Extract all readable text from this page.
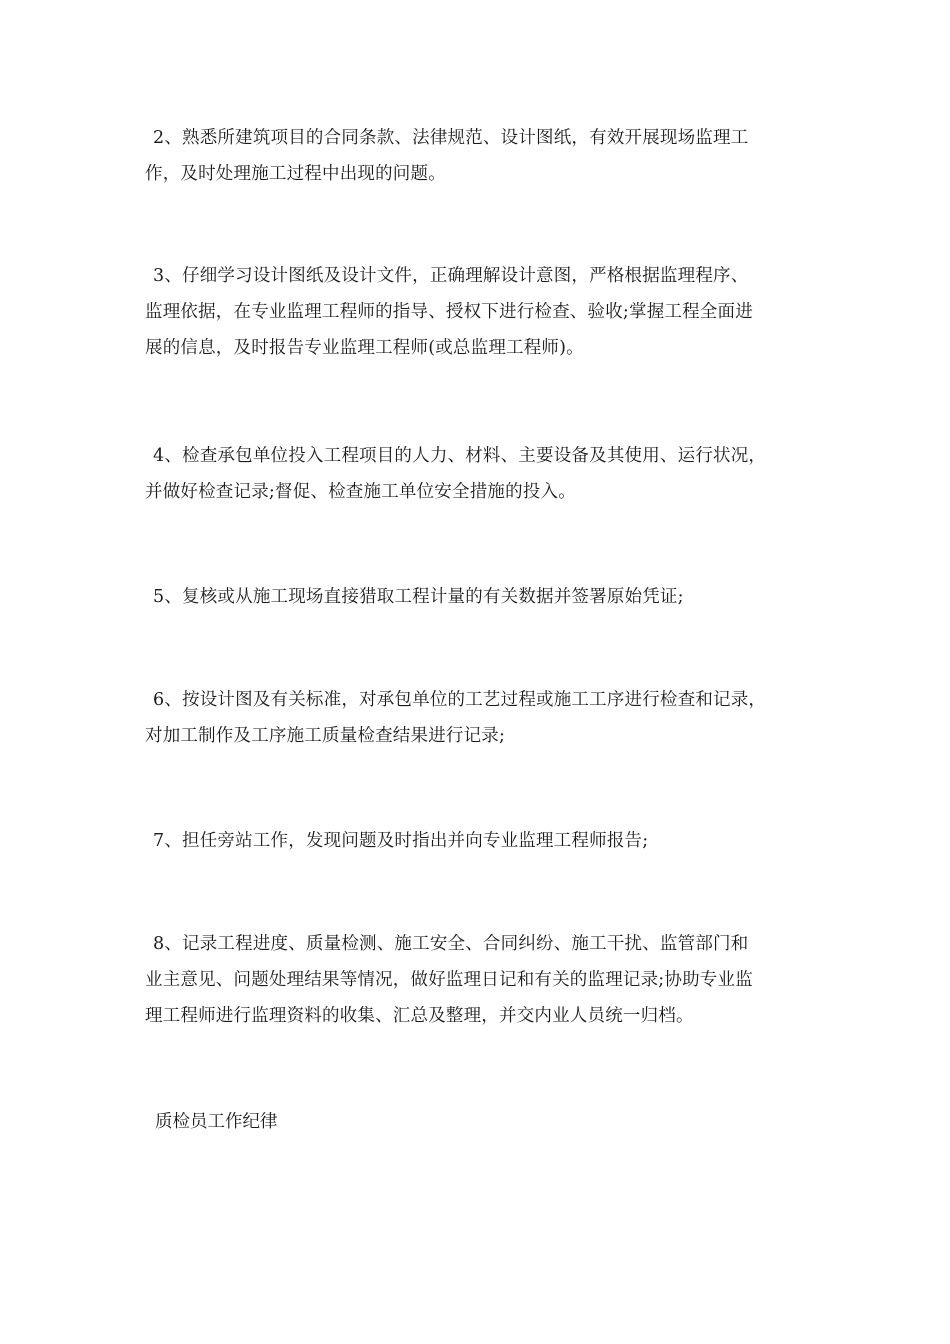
2、熟悉所建筑项目的合同条款、法律规范、设计图纸，有效开展现场监理工
作，及时处理施工过程中出现的问题。

3、仔细学习设计图纸及设计文件，正确理解设计意图，严格根据监理程序、
监理依据，在专业监理工程师的指导、授权下进行检查、验收;掌握工程全面进
展的信息，及时报告专业监理工程师(或总监理工程师)。

4、检查承包单位投入工程项目的人力、材料、主要设备及其使用、运行状况，
并做好检查记录;督促、检查施工单位安全措施的投入。

5、复核或从施工现场直接猎取工程计量的有关数据并签署原始凭证;

6、按设计图及有关标准，对承包单位的工艺过程或施工工序进行检查和记录，
对加工制作及工序施工质量检查结果进行记录;

7、担任旁站工作，发现问题及时指出并向专业监理工程师报告;

8、记录工程进度、质量检测、施工安全、合同纠纷、施工干扰、监管部门和
业主意见、问题处理结果等情况，做好监理日记和有关的监理记录;协助专业监
理工程师进行监理资料的收集、汇总及整理，并交内业人员统一归档。

质检员工作纪律
